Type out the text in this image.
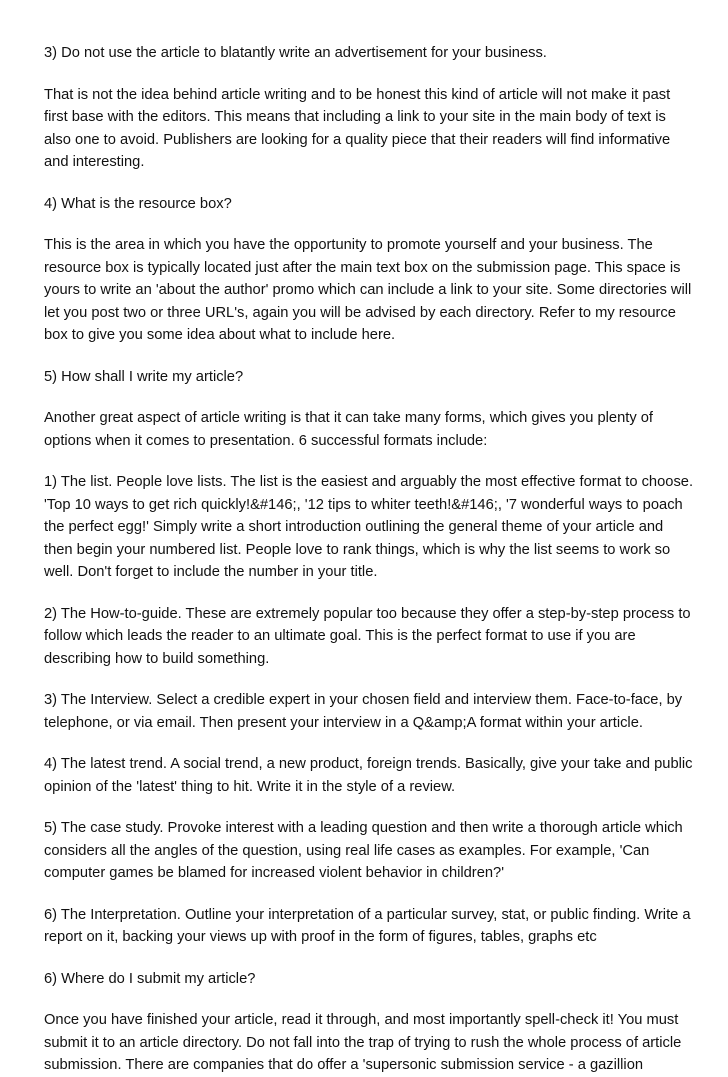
3) Do not use the article to blatantly write an advertisement for your business.

That is not the idea behind article writing and to be honest this kind of article will not make it past first base with the editors. This means that including a link to your site in the main body of text is also one to avoid. Publishers are looking for a quality piece that their readers will find informative and interesting.

4) What is the resource box?

This is the area in which you have the opportunity to promote yourself and your business. The resource box is typically located just after the main text box on the submission page. This space is yours to write an 'about the author' promo which can include a link to your site. Some directories will let you post two or three URL's, again you will be advised by each directory. Refer to my resource box to give you some idea about what to include here.

5) How shall I write my article?

Another great aspect of article writing is that it can take many forms, which gives you plenty of options when it comes to presentation. 6 successful formats include:

1) The list. People love lists. The list is the easiest and arguably the most effective format to choose. 'Top 10 ways to get rich quickly!&#146;, '12 tips to whiter teeth!&#146;, '7 wonderful ways to poach the perfect egg!' Simply write a short introduction outlining the general theme of your article and then begin your numbered list. People love to rank things, which is why the list seems to work so well. Don't forget to include the number in your title.

2) The How-to-guide. These are extremely popular too because they offer a step-by-step process to follow which leads the reader to an ultimate goal. This is the perfect format to use if you are describing how to build something.

3) The Interview. Select a credible expert in your chosen field and interview them. Face-to-face, by telephone, or via email. Then present your interview in a Q&amp;A format within your article.

4) The latest trend. A social trend, a new product, foreign trends. Basically, give your take and public opinion of the 'latest' thing to hit. Write it in the style of a review.

5) The case study. Provoke interest with a leading question and then write a thorough article which considers all the angles of the question, using real life cases as examples. For example, 'Can computer games be blamed for increased violent behavior in children?'

6) The Interpretation. Outline your interpretation of a particular survey, stat, or public finding. Write a report on it, backing your views up with proof in the form of figures, tables, graphs etc

6) Where do I submit my article?

Once you have finished your article, read it through, and most importantly spell-check it! You must submit it to an article directory. Do not fall into the trap of trying to rush the whole process of article submission. There are companies that do offer a 'supersonic submission service - a gazillion
